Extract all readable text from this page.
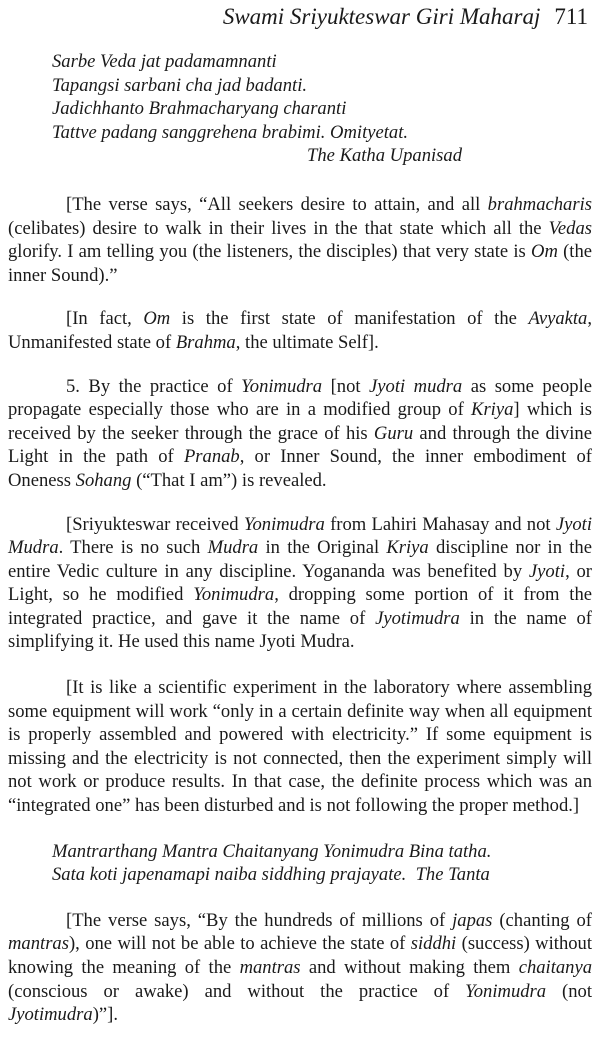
Swami Sriyukteswar Giri Maharaj 711
Sarbe Veda jat padamamnanti
Tapangsi sarbani cha jad badanti.
Jadichhanto Brahmacharyang charanti
Tattve padang sanggrehena brabimi. Omityetat.
The Katha Upanisad

[The verse says, “All seekers desire to attain, and all brahmacharis (celibates) desire to walk in their lives in the that state which all the Vedas glorify. I am telling you (the listeners, the disciples) that very state is Om (the inner Sound).”

[In fact, Om is the first state of manifestation of the Avyakta, Unmanifested state of Brahma, the ultimate Self].

5. By the practice of Yonimudra [not Jyoti mudra as some people propagate especially those who are in a modified group of Kriya] which is received by the seeker through the grace of his Guru and through the divine Light in the path of Pranab, or Inner Sound, the inner embodiment of Oneness Sohang (“That I am”) is revealed.

[Sriyukteswar received Yonimudra from Lahiri Mahasay and not Jyoti Mudra. There is no such Mudra in the Original Kriya discipline nor in the entire Vedic culture in any discipline. Yogananda was benefited by Jyoti, or Light, so he modified Yonimudra, dropping some portion of it from the integrated practice, and gave it the name of Jyotimudra in the name of simplifying it. He used this name Jyoti Mudra.

[It is like a scientific experiment in the laboratory where assembling some equipment will work “only in a certain definite way when all equipment is properly assembled and powered with electricity.” If some equipment is missing and the electricity is not connected, then the experiment simply will not work or produce results. In that case, the definite process which was an “integrated one” has been disturbed and is not following the proper method.]

Mantrarthang Mantra Chaitanyang Yonimudra Bina tatha.
Sata koti japenamapi naiba siddhing prajayate. The Tanta

[The verse says, “By the hundreds of millions of japas (chanting of mantras), one will not be able to achieve the state of siddhi (success) without knowing the meaning of the mantras and without making them chaitanya (conscious or awake) and without the practice of Yonimudra (not Jyotimudra)”].
